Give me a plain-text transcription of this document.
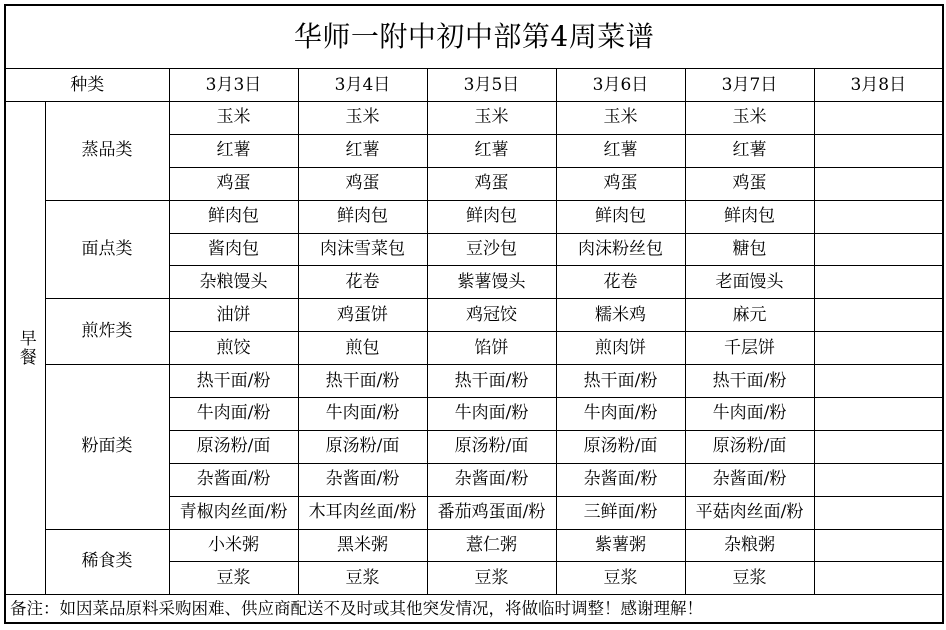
华师一附中初中部第4周菜谱							
种类		3月3日	3月4日	3月5日	3月6日	3月7日	3月8日
早餐	蒸品类	玉米	玉米	玉米	玉米	玉米	
		红薯	红薯	红薯	红薯	红薯	
		鸡蛋	鸡蛋	鸡蛋	鸡蛋	鸡蛋	
	面点类	鲜肉包	鲜肉包	鲜肉包	鲜肉包	鲜肉包	
		酱肉包	肉沫雪菜包	豆沙包	肉沫粉丝包	糖包	
		杂粮馒头	花卷	紫薯馒头	花卷	老面馒头	
	煎炸类	油饼	鸡蛋饼	鸡冠饺	糯米鸡	麻元	
		煎饺	煎包	馅饼	煎肉饼	千层饼	
	粉面类	热干面/粉	热干面/粉	热干面/粉	热干面/粉	热干面/粉	
		牛肉面/粉	牛肉面/粉	牛肉面/粉	牛肉面/粉	牛肉面/粉	
		原汤粉/面	原汤粉/面	原汤粉/面	原汤粉/面	原汤粉/面	
		杂酱面/粉	杂酱面/粉	杂酱面/粉	杂酱面/粉	杂酱面/粉	
		青椒肉丝面/粉	木耳肉丝面/粉	番茄鸡蛋面/粉	三鲜面/粉	平菇肉丝面/粉	
	稀食类	小米粥	黑米粥	薏仁粥	紫薯粥	杂粮粥	
		豆浆	豆浆	豆浆	豆浆	豆浆	
备注：如因菜品原料采购困难、供应商配送不及时或其他突发情况，将做临时调整！感谢理解！							
